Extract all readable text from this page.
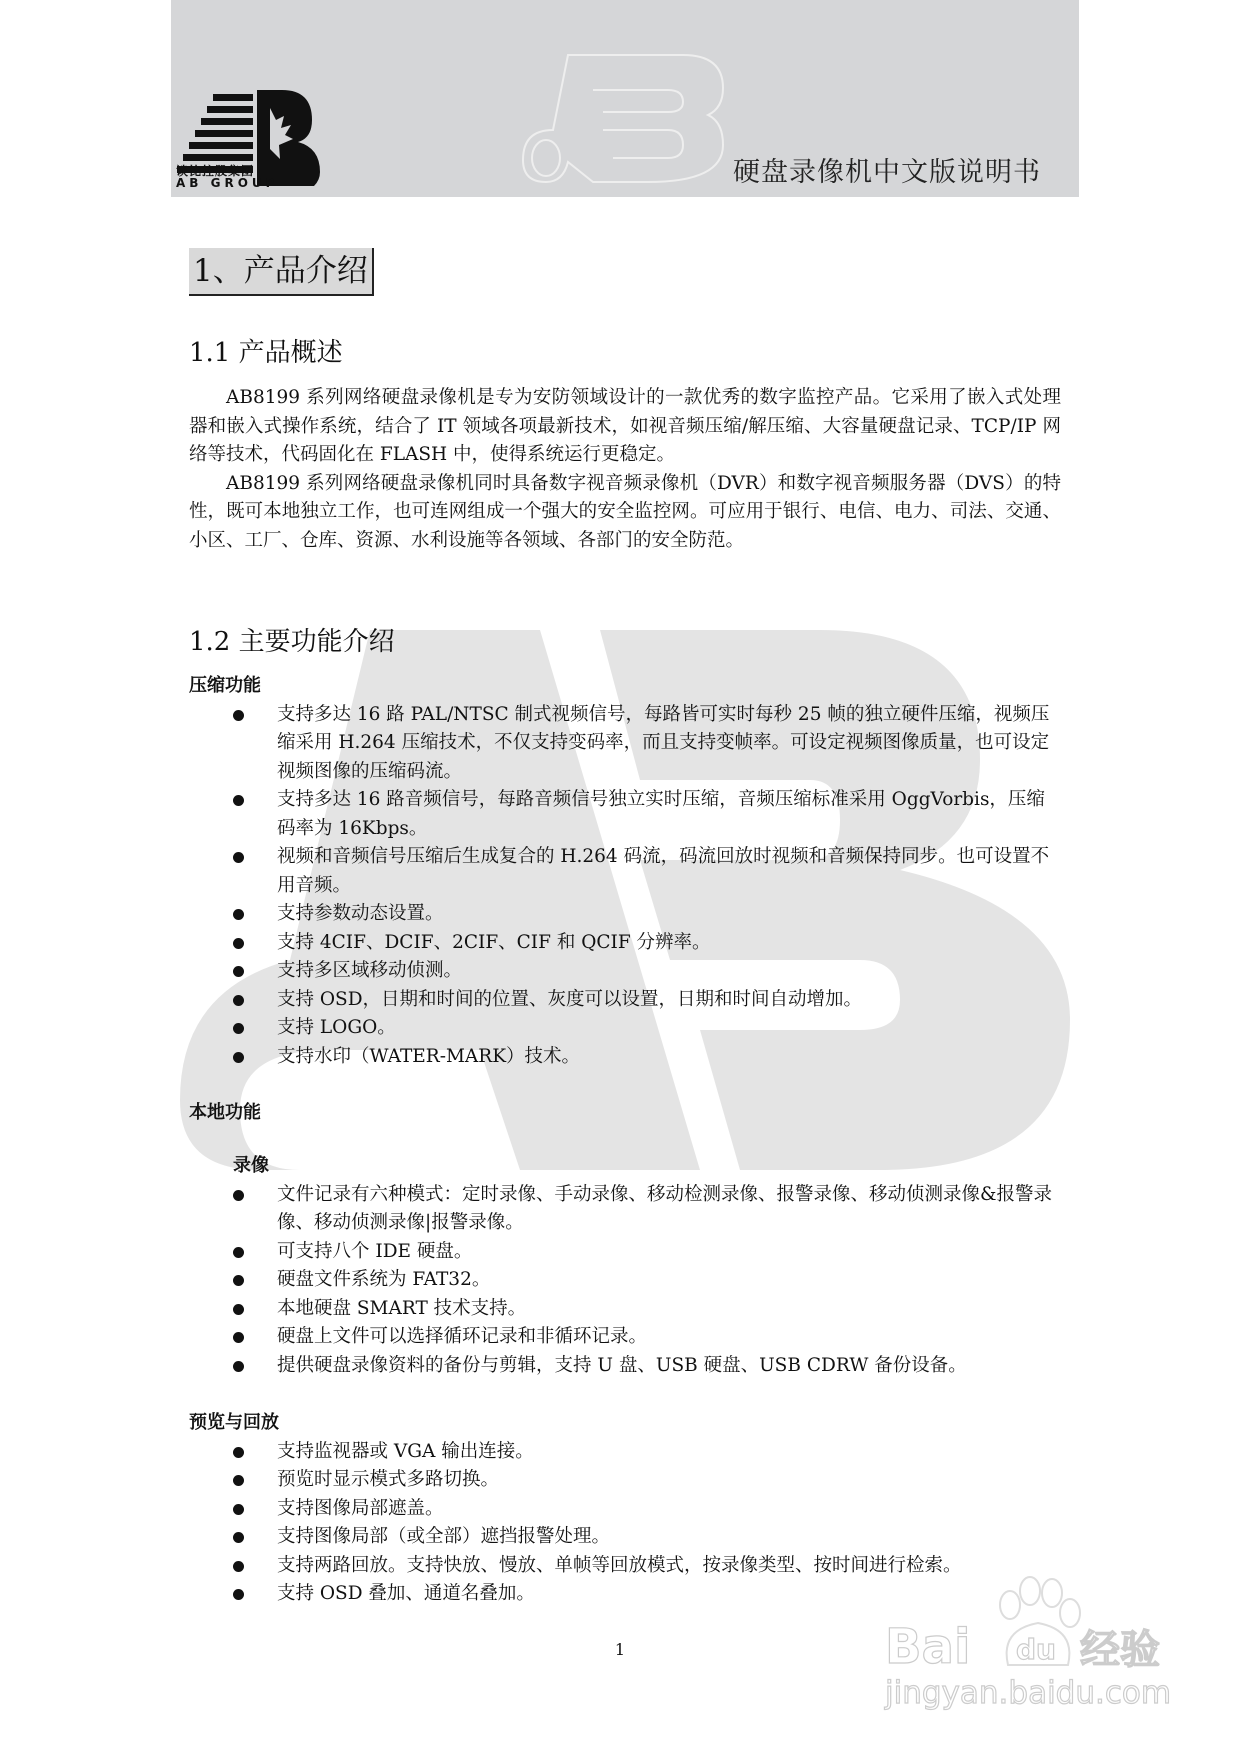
谈比控股集团
AB GROUP	硬盘录像机中文版说明书
1、产品介绍
1.1 产品概述

AB8199 系列网络硬盘录像机是专为安防领域设计的一款优秀的数字监控产品。它采用了嵌入式处理器和嵌入式操作系统，结合了 IT 领域各项最新技术，如视音频压缩/解压缩、大容量硬盘记录、TCP/IP 网络等技术，代码固化在 FLASH 中，使得系统运行更稳定。

AB8199 系列网络硬盘录像机同时具备数字视音频录像机（DVR）和数字视音频服务器（DVS）的特性，既可本地独立工作，也可连网组成一个强大的安全监控网。可应用于银行、电信、电力、司法、交通、小区、工厂、仓库、资源、水利设施等各领域、各部门的安全防范。

1.2 主要功能介绍
压缩功能
支持多达 16 路 PAL/NTSC 制式视频信号，每路皆可实时每秒 25 帧的独立硬件压缩，视频压缩采用 H.264 压缩技术，不仅支持变码率，而且支持变帧率。可设定视频图像质量，也可设定视频图像的压缩码流。
支持多达 16 路音频信号，每路音频信号独立实时压缩，音频压缩标准采用 OggVorbis，压缩码率为 16Kbps。
视频和音频信号压缩后生成复合的 H.264 码流，码流回放时视频和音频保持同步。也可设置不用音频。
支持参数动态设置。
支持 4CIF、DCIF、2CIF、CIF 和 QCIF 分辨率。
支持多区域移动侦测。
支持 OSD，日期和时间的位置、灰度可以设置，日期和时间自动增加。
支持 LOGO。
支持水印（WATER-MARK）技术。
本地功能
录像
文件记录有六种模式：定时录像、手动录像、移动检测录像、报警录像、移动侦测录像&报警录像、移动侦测录像|报警录像。
可支持八个 IDE 硬盘。
硬盘文件系统为 FAT32。
本地硬盘 SMART 技术支持。
硬盘上文件可以选择循环记录和非循环记录。
提供硬盘录像资料的备份与剪辑，支持 U 盘、USB 硬盘、USB CDRW 备份设备。
预览与回放
支持监视器或 VGA 输出连接。
预览时显示模式多路切换。
支持图像局部遮盖。
支持图像局部（或全部）遮挡报警处理。
支持两路回放。支持快放、慢放、单帧等回放模式，按录像类型、按时间进行检索。
支持 OSD 叠加、通道名叠加。
1	Bai du 经验
jingyan.baidu.com
